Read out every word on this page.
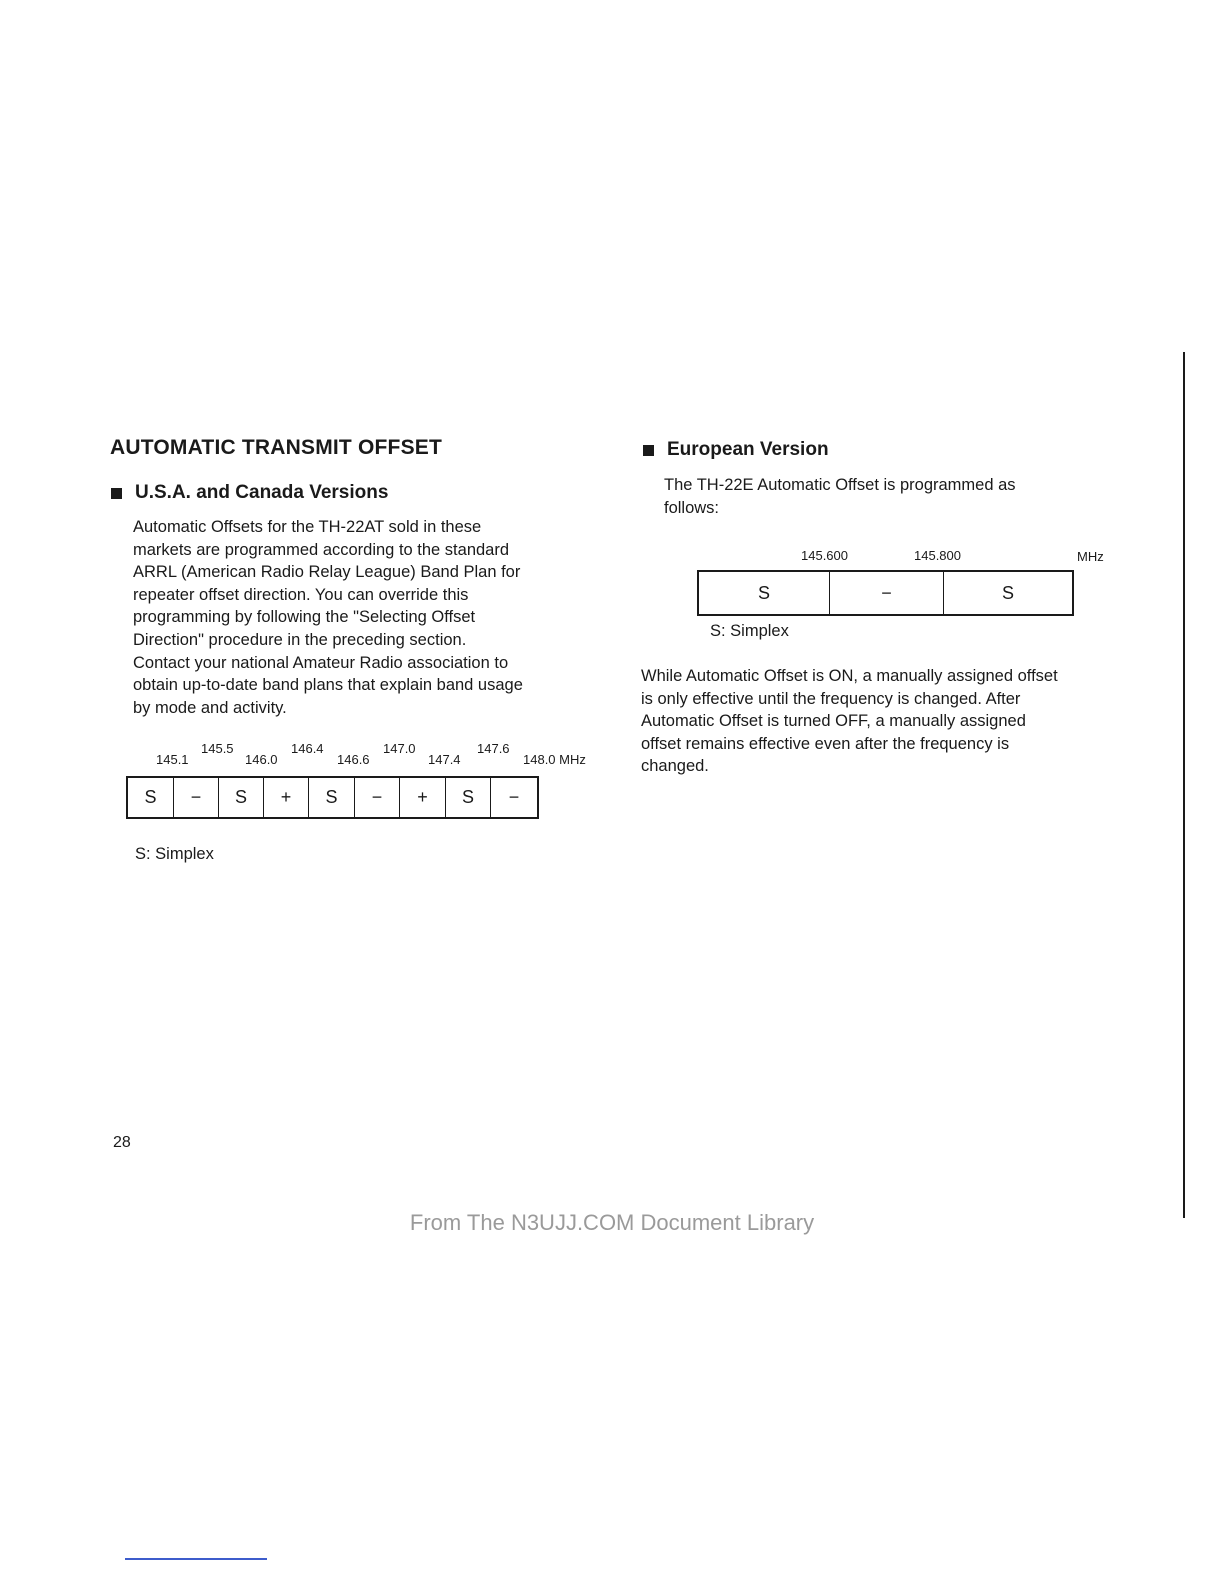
AUTOMATIC TRANSMIT OFFSET
U.S.A. and Canada Versions

Automatic Offsets for the TH-22AT sold in these

markets are programmed according to the standard

ARRL (American Radio Relay League) Band Plan for

repeater offset direction. You can override this

programming by following the "Selecting Offset

Direction" procedure in the preceding section.

Contact your national Amateur Radio association to

obtain up-to-date band plans that explain band usage

by mode and activity.

145.5	146.4	147.0	147.6
145.1	146.0	146.6	147.4	148.0 MHz
S	−	S	+	S	−	+	S	−
S: Simplex
28
European Version

The TH-22E Automatic Offset is programmed as

follows:

145.600	145.800	MHz
S	−	S
S: Simplex

While Automatic Offset is ON, a manually assigned offset

is only effective until the frequency is changed. After

Automatic Offset is turned OFF, a manually assigned

offset remains effective even after the frequency is

changed.

From The N3UJJ.COM Document Library
